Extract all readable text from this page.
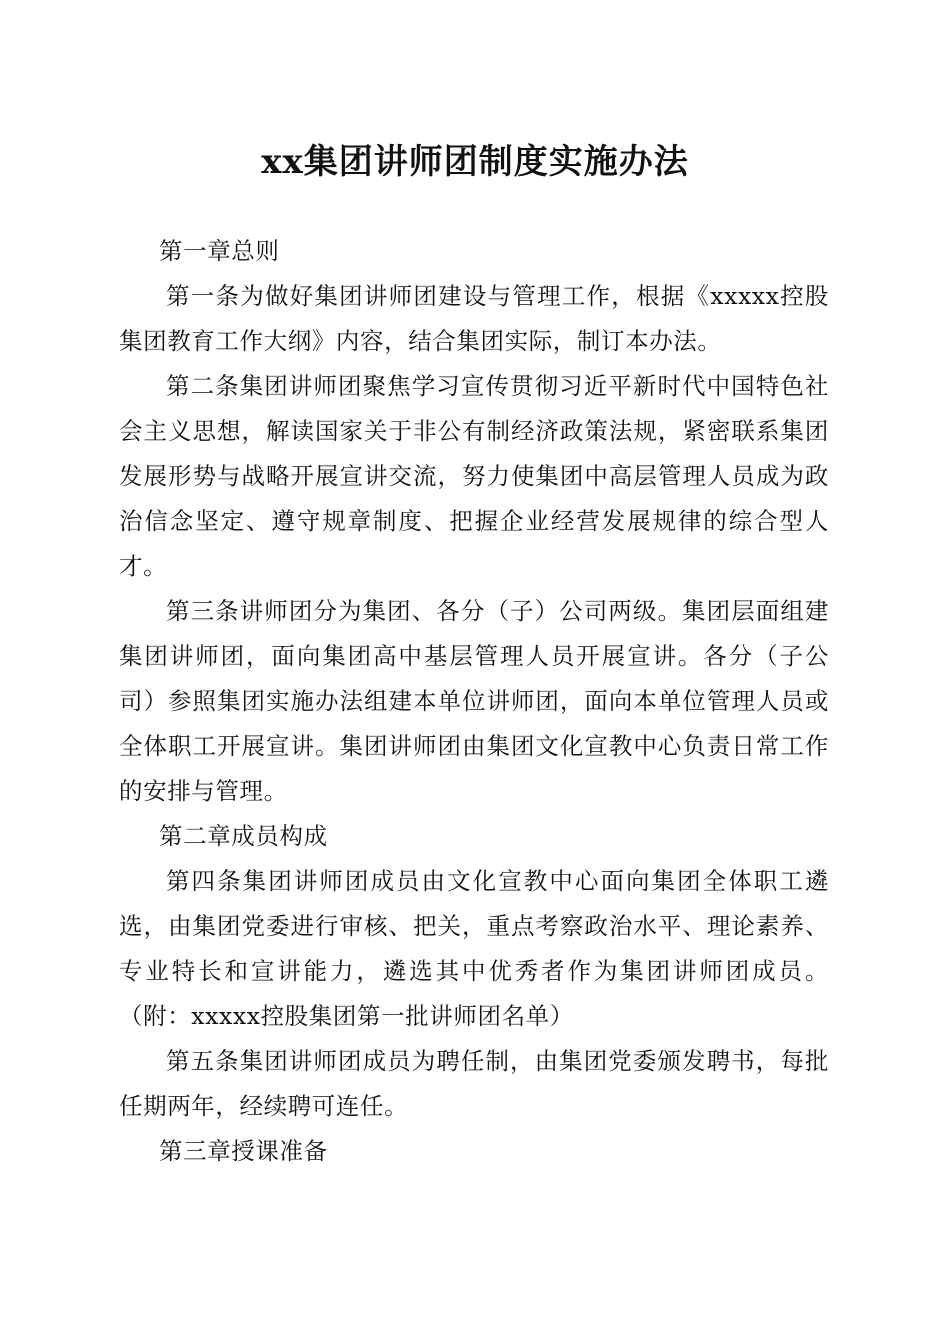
xx集团讲师团制度实施办法

第一章总则

第一条为做好集团讲师团建设与管理工作，根据《xxxxx控股集团教育工作大纲》内容，结合集团实际，制订本办法。

第二条集团讲师团聚焦学习宣传贯彻习近平新时代中国特色社会主义思想，解读国家关于非公有制经济政策法规，紧密联系集团发展形势与战略开展宣讲交流，努力使集团中高层管理人员成为政治信念坚定、遵守规章制度、把握企业经营发展规律的综合型人才。

第三条讲师团分为集团、各分（子）公司两级。集团层面组建集团讲师团，面向集团高中基层管理人员开展宣讲。各分（子公司）参照集团实施办法组建本单位讲师团，面向本单位管理人员或全体职工开展宣讲。集团讲师团由集团文化宣教中心负责日常工作的安排与管理。

第二章成员构成

第四条集团讲师团成员由文化宣教中心面向集团全体职工遴选，由集团党委进行审核、把关，重点考察政治水平、理论素养、专业特长和宣讲能力，遴选其中优秀者作为集团讲师团成员。（附：xxxxx控股集团第一批讲师团名单）

第五条集团讲师团成员为聘任制，由集团党委颁发聘书，每批任期两年，经续聘可连任。

第三章授课准备
